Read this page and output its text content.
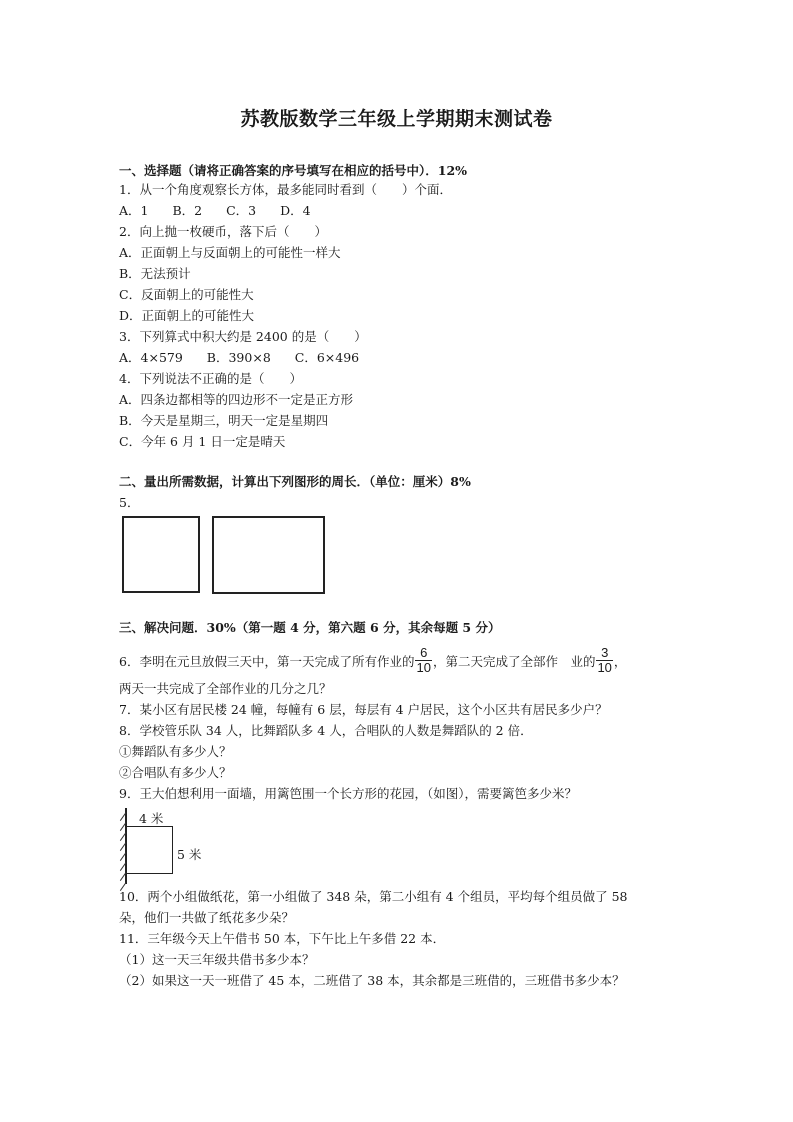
苏教版数学三年级上学期期末测试卷
一、选择题（请将正确答案的序号填写在相应的括号中）．12%
1．从一个角度观察长方体，最多能同时看到（　　）个面．
A．1 B．2 C．3 D．4
2．向上抛一枚硬币，落下后（　　）
A．正面朝上与反面朝上的可能性一样大
B．无法预计
C．反面朝上的可能性大
D．正面朝上的可能性大
3．下列算式中积大约是 2400 的是（　　）
A．4×579 B．390×8 C．6×496
4．下列说法不正确的是（　　）
A．四条边都相等的四边形不一定是正方形
B．今天是星期三，明天一定是星期四
C．今年 6 月 1 日一定是晴天
二、量出所需数据，计算出下列图形的周长．（单位：厘米）8%
5．
三、解决问题．30%（第一题 4 分，第六题 6 分，其余每题 5 分）
6．李明在元旦放假三天中，第一天完成了所有作业的 $\frac{6}{10}$ ，第二天完成了全部作　业的 $\frac{3}{10}$ ，
两天一共完成了全部作业的几分之几？
7．某小区有居民楼 24 幢，每幢有 6 层，每层有 4 户居民，这个小区共有居民多少户？
8．学校管乐队 34 人，比舞蹈队多 4 人，合唱队的人数是舞蹈队的 2 倍．
①舞蹈队有多少人？
②合唱队有多少人？
9．王大伯想利用一面墙，用篱笆围一个长方形的花园，（如图），需要篱笆多少米？
4 米
5 米
10．两个小组做纸花，第一小组做了 348 朵，第二小组有 4 个组员，平均每个组员做了 58
朵，他们一共做了纸花多少朵？
11．三年级今天上午借书 50 本，下午比上午多借 22 本．
（1）这一天三年级共借书多少本？
（2）如果这一天一班借了 45 本，二班借了 38 本，其余都是三班借的，三班借书多少本？
